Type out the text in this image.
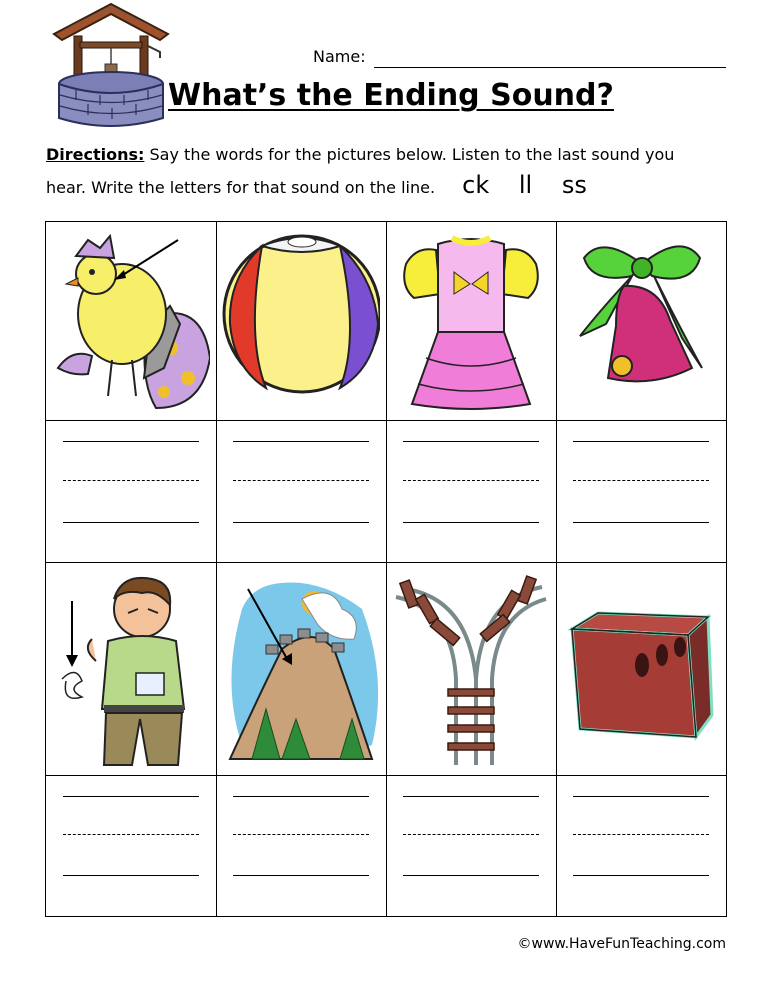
Name:
What’s the Ending Sound?
Directions: Say the words for the pictures below. Listen to the last sound you
hear. Write the letters for that sound on the line. ck ll ss
©www.HaveFunTeaching.com
